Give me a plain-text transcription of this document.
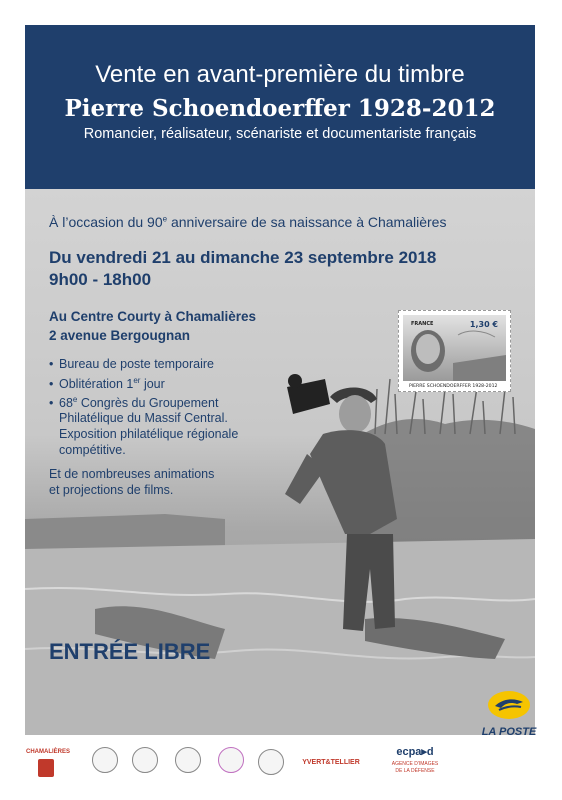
Vente en avant-première du timbre
Pierre Schoendoerffer 1928-2012
Romancier, réalisateur, scénariste et documentariste français
À l’occasion du 90e anniversaire de sa naissance à Chamalières
Du vendredi 21 au dimanche 23 septembre 2018
9h00 - 18h00
Au Centre Courty à Chamalières
2 avenue Bergougnan
• Bureau de poste temporaire
• Oblitération 1er jour
• 68e Congrès du Groupement
Philatélique du Massif Central.
Exposition philatélique régionale
compétitive.
Et de nombreuses animations
et projections de films.
ENTRÉE LIBRE
FRANCE	1,30 €
PIERRE SCHOENDOERFFER 1928-2012
LA POSTE
CHAMALIÈRES
YVERT&TELLIER
ecpa▸d
AGENCE D'IMAGES
DE LA DÉFENSE
